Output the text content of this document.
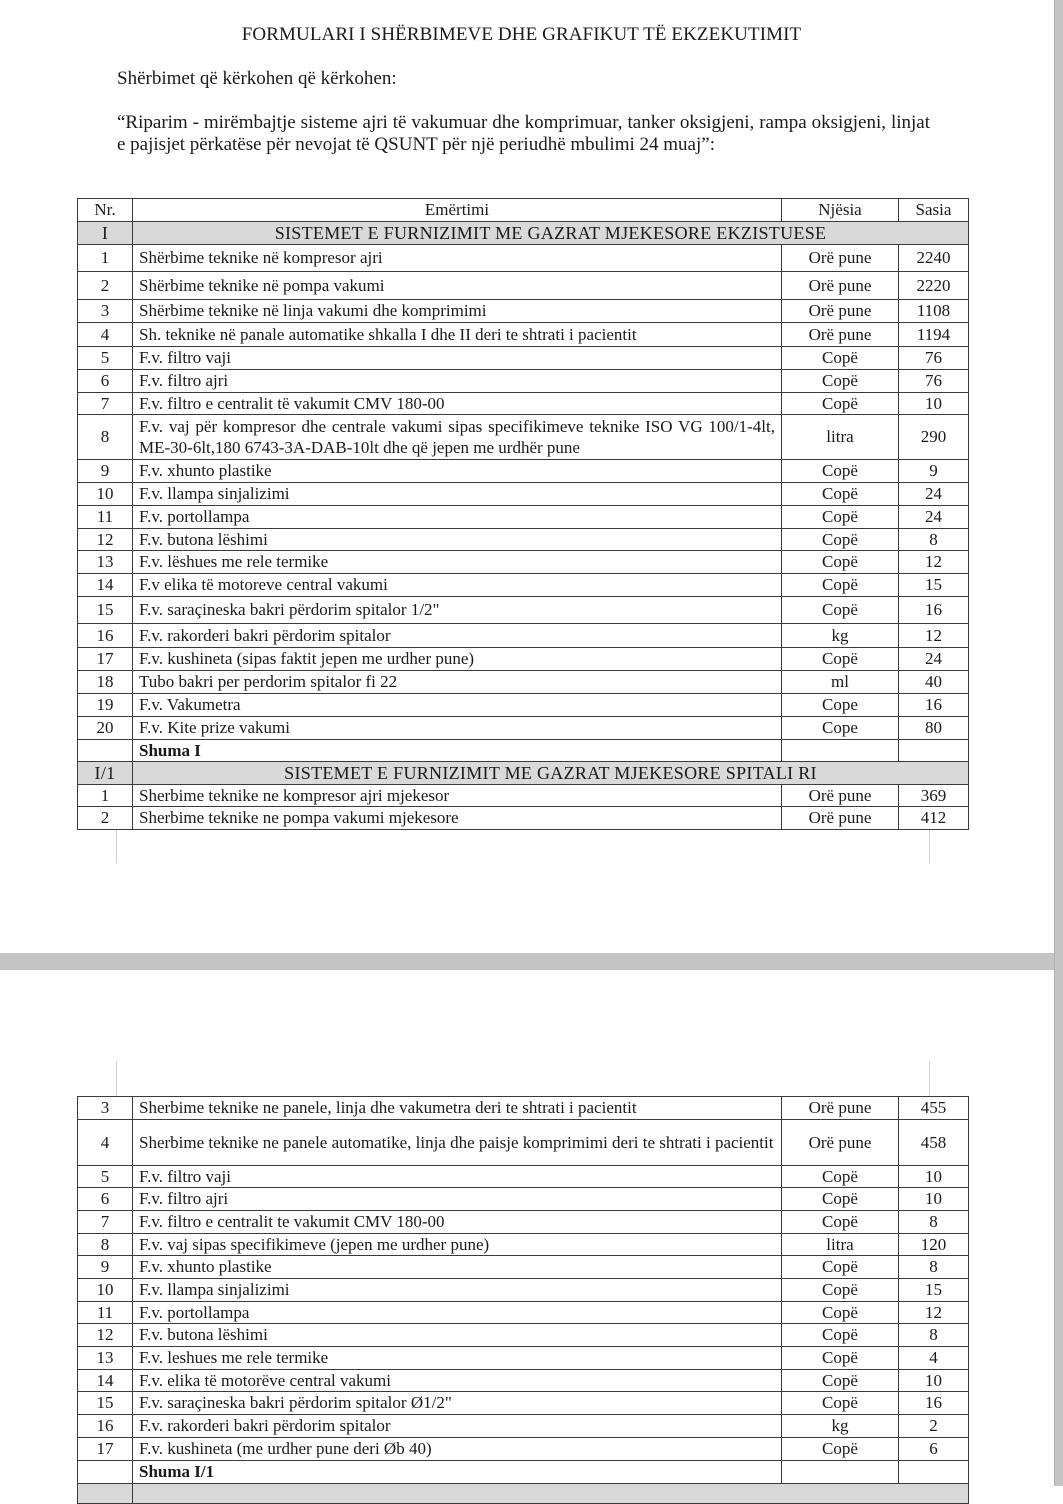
FORMULARI I SHËRBIMEVE DHE GRAFIKUT TË EKZEKUTIMIT
Shërbimet që kërkohen që kërkohen:
“Riparim - mirëmbajtje sisteme ajri të vakumuar dhe komprimuar, tanker oksigjeni, rampa oksigjeni, linjat e pajisjet përkatëse për nevojat të QSUNT për një periudhë mbulimi 24 muaj”:
Nr.	Emërtimi	Njësia	Sasia
I	SISTEMET E FURNIZIMIT ME GAZRAT MJEKESORE EKZISTUESE		
1	Shërbime teknike në kompresor ajri	Orë pune	2240
2	Shërbime teknike në pompa vakumi	Orë pune	2220
3	Shërbime teknike në linja vakumi dhe komprimimi	Orë pune	1108
4	Sh. teknike në panale automatike shkalla I dhe II deri te shtrati i pacientit	Orë pune	1194
5	F.v. filtro vaji	Copë	76
6	F.v. filtro ajri	Copë	76
7	F.v. filtro e centralit të vakumit CMV 180-00	Copë	10
8	F.v. vaj për kompresor dhe centrale vakumi sipas specifikimeve teknike ISO VG 100/1-4lt, ME-30-6lt,180 6743-3A-DAB-10lt dhe që jepen me urdhër pune	litra	290
9	F.v. xhunto plastike	Copë	9
10	F.v. llampa sinjalizimi	Copë	24
11	F.v. portollampa	Copë	24
12	F.v. butona lëshimi	Copë	8
13	F.v. lëshues me rele termike	Copë	12
14	F.v elika të motoreve central vakumi	Copë	15
15	F.v. saraçineska bakri përdorim spitalor 1/2"	Copë	16
16	F.v. rakorderi bakri përdorim spitalor	kg	12
17	F.v. kushineta (sipas faktit jepen me urdher pune)	Copë	24
18	Tubo bakri per perdorim spitalor fi 22	ml	40
19	F.v. Vakumetra	Cope	16
20	F.v. Kite prize vakumi	Cope	80
	Shuma I		
I/1	SISTEMET E FURNIZIMIT ME GAZRAT MJEKESORE SPITALI RI		
1	Sherbime teknike ne kompresor ajri mjekesor	Orë pune	369
2	Sherbime teknike ne pompa vakumi mjekesore	Orë pune	412
3	Sherbime teknike ne panele, linja dhe vakumetra deri te shtrati i pacientit	Orë pune	455
4	Sherbime teknike ne panele automatike, linja dhe paisje komprimimi deri te shtrati i pacientit	Orë pune	458
5	F.v. filtro vaji	Copë	10
6	F.v. filtro ajri	Copë	10
7	F.v. filtro e centralit te vakumit CMV 180-00	Copë	8
8	F.v. vaj sipas specifikimeve (jepen me urdher pune)	litra	120
9	F.v. xhunto plastike	Copë	8
10	F.v. llampa sinjalizimi	Copë	15
11	F.v. portollampa	Copë	12
12	F.v. butona lëshimi	Copë	8
13	F.v. leshues me rele termike	Copë	4
14	F.v. elika të motorëve central vakumi	Copë	10
15	F.v. saraçineska bakri përdorim spitalor Ø1/2"	Copë	16
16	F.v. rakorderi bakri përdorim spitalor	kg	2
17	F.v. kushineta (me urdher pune deri Øb 40)	Copë	6
	Shuma I/1		
